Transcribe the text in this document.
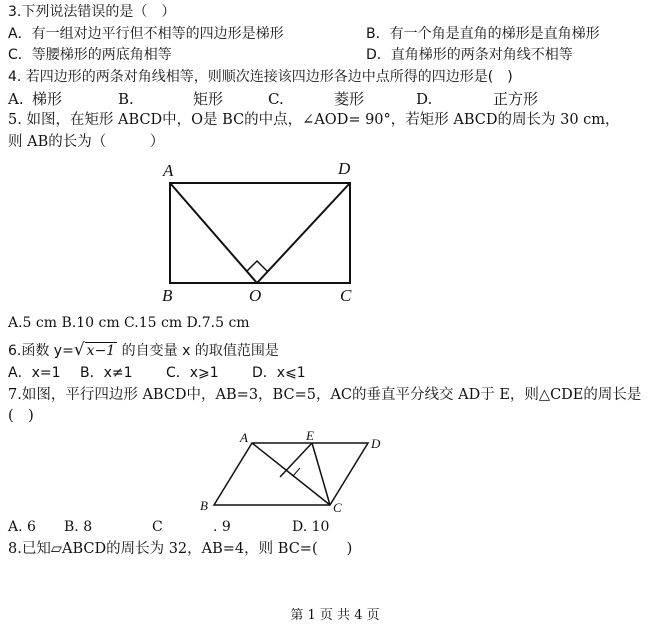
3.下列说法错误的是（　）
A．有一组对边平行但不相等的四边形是梯形	B．有一个角是直角的梯形是直角梯形
C．等腰梯形的两底角相等	D．直角梯形的两条对角线不相等
4. 若四边形的两条对角线相等，则顺次连接该四边形各边中点所得的四边形是(　)
A. 梯形	B.	矩形	C.	菱形	D.	正方形
5. 如图，在矩形 ABCD中，O是 BC的中点，∠AOD= 90°，若矩形 ABCD的周长为 30 cm，
则 AB的长为（　　　）
A	D
B	O	C
A.5 cm B.10 cm C.15 cm D.7.5 cm
6.函数 y=√ x−1 的自变量 x 的取值范围是
A．x=1 B．x≠1 C．x⩾1 D．x⩽1
7.如图，平行四边形 ABCD中，AB=3，BC=5，AC的垂直平分线交 AD于 E，则△CDE的周长是
(　)
A	E
D
B	C
A. 6 B. 8	C	. 9	D. 10
8.已知▱ABCD的周长为 32，AB=4，则 BC=(　　)
第 1 页 共 4 页
